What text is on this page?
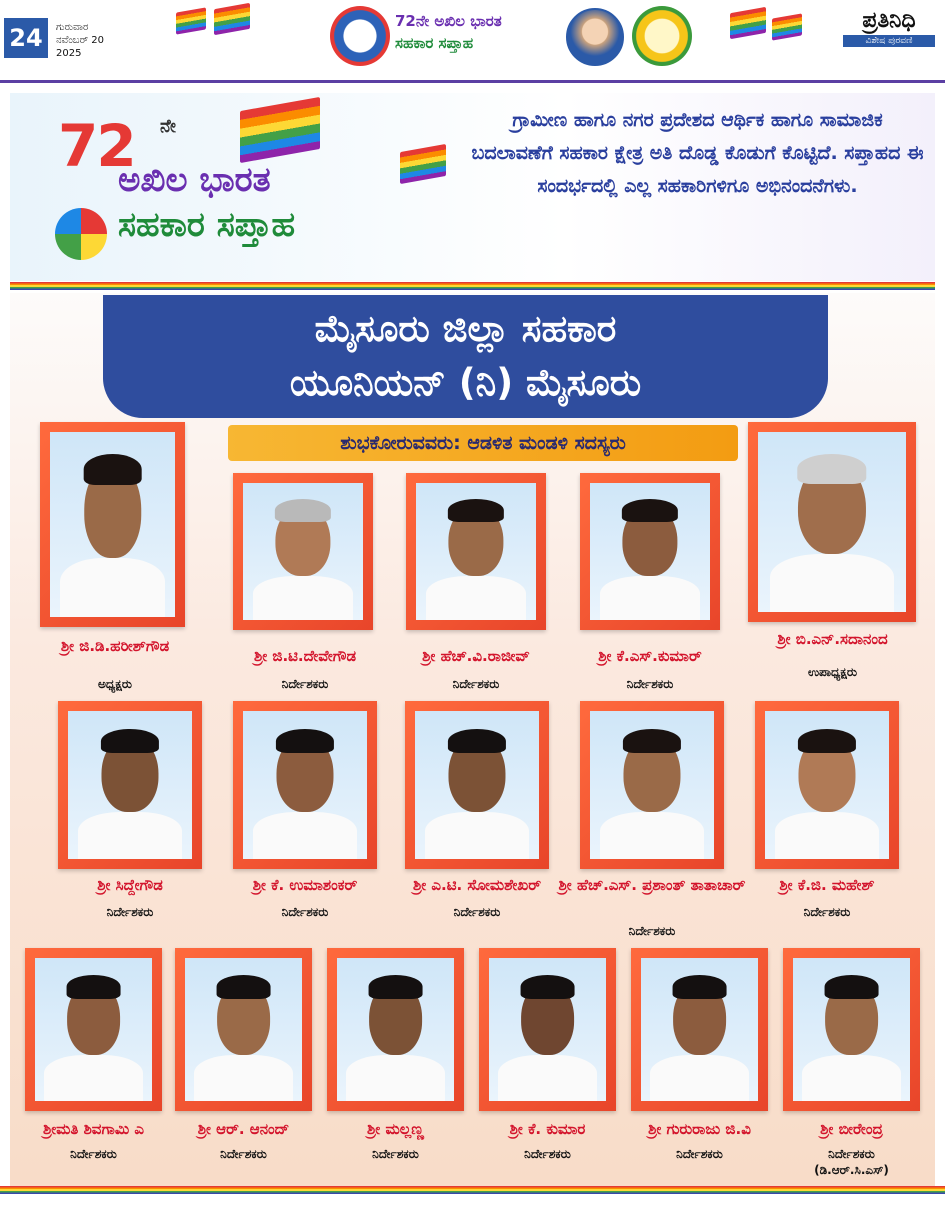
24	ಗುರುವಾರ
ನವೆಂಬರ್ 20
2025
72ನೇ ಅಖಿಲ ಭಾರತ
ಸಹಕಾರ ಸಪ್ತಾಹ
ಪ್ರತಿನಿಧಿ
ವಿಶೇಷ ಪುರವಣಿ
72 ನೇ
ಅಖಿಲ ಭಾರತ
ಸಹಕಾರ ಸಪ್ತಾಹ
ಗ್ರಾಮೀಣ ಹಾಗೂ ನಗರ ಪ್ರದೇಶದ ಆರ್ಥಿಕ ಹಾಗೂ ಸಾಮಾಜಿಕ ಬದಲಾವಣೆಗೆ ಸಹಕಾರ ಕ್ಷೇತ್ರ ಅತಿ ದೊಡ್ಡ ಕೊಡುಗೆ ಕೊಟ್ಟಿದೆ. ಸಪ್ತಾಹದ ಈ ಸಂದರ್ಭದಲ್ಲಿ ಎಲ್ಲ ಸಹಕಾರಿಗಳಿಗೂ ಅಭಿನಂದನೆಗಳು.
ಮೈಸೂರು ಜಿಲ್ಲಾ ಸಹಕಾರ
ಯೂನಿಯನ್ (ನಿ) ಮೈಸೂರು
ಶುಭಕೋರುವವರು: ಆಡಳಿತ ಮಂಡಳಿ ಸದಸ್ಯರು
ಶ್ರೀ ಜಿ.ಡಿ.ಹರೀಶ್‌ಗೌಡ
ಅಧ್ಯಕ್ಷರು
ಶ್ರೀ ಜಿ.ಟಿ.ದೇವೇಗೌಡ
ನಿರ್ದೇಶಕರು
ಶ್ರೀ ಹೆಚ್.ವಿ.ರಾಜೀವ್
ನಿರ್ದೇಶಕರು
ಶ್ರೀ ಕೆ.ಎಸ್.ಕುಮಾರ್
ನಿರ್ದೇಶಕರು
ಶ್ರೀ ಬಿ.ಎನ್.ಸದಾನಂದ
ಉಪಾಧ್ಯಕ್ಷರು
ಶ್ರೀ ಸಿದ್ದೇಗೌಡ
ನಿರ್ದೇಶಕರು
ಶ್ರೀ ಕೆ. ಉಮಾಶಂಕರ್
ನಿರ್ದೇಶಕರು
ಶ್ರೀ ಎ.ಟಿ. ಸೋಮಶೇಖರ್
ನಿರ್ದೇಶಕರು
ಶ್ರೀ ಹೆಚ್.ಎಸ್. ಪ್ರಶಾಂತ್ ತಾತಾಚಾರ್
ನಿರ್ದೇಶಕರು
ಶ್ರೀ ಕೆ.ಜಿ. ಮಹೇಶ್
ನಿರ್ದೇಶಕರು
ಶ್ರೀಮತಿ ಶಿವಗಾಮಿ ಎ
ನಿರ್ದೇಶಕರು
ಶ್ರೀ ಆರ್. ಆನಂದ್
ನಿರ್ದೇಶಕರು
ಶ್ರೀ ಮಲ್ಲಣ್ಣ
ನಿರ್ದೇಶಕರು
ಶ್ರೀ ಕೆ. ಕುಮಾರ
ನಿರ್ದೇಶಕರು
ಶ್ರೀ ಗುರುರಾಜು ಜಿ.ವಿ
ನಿರ್ದೇಶಕರು
ಶ್ರೀ ಬೀರೇಂದ್ರ
ನಿರ್ದೇಶಕರು
(ಡಿ.ಆರ್.ಸಿ.ಎಸ್)
